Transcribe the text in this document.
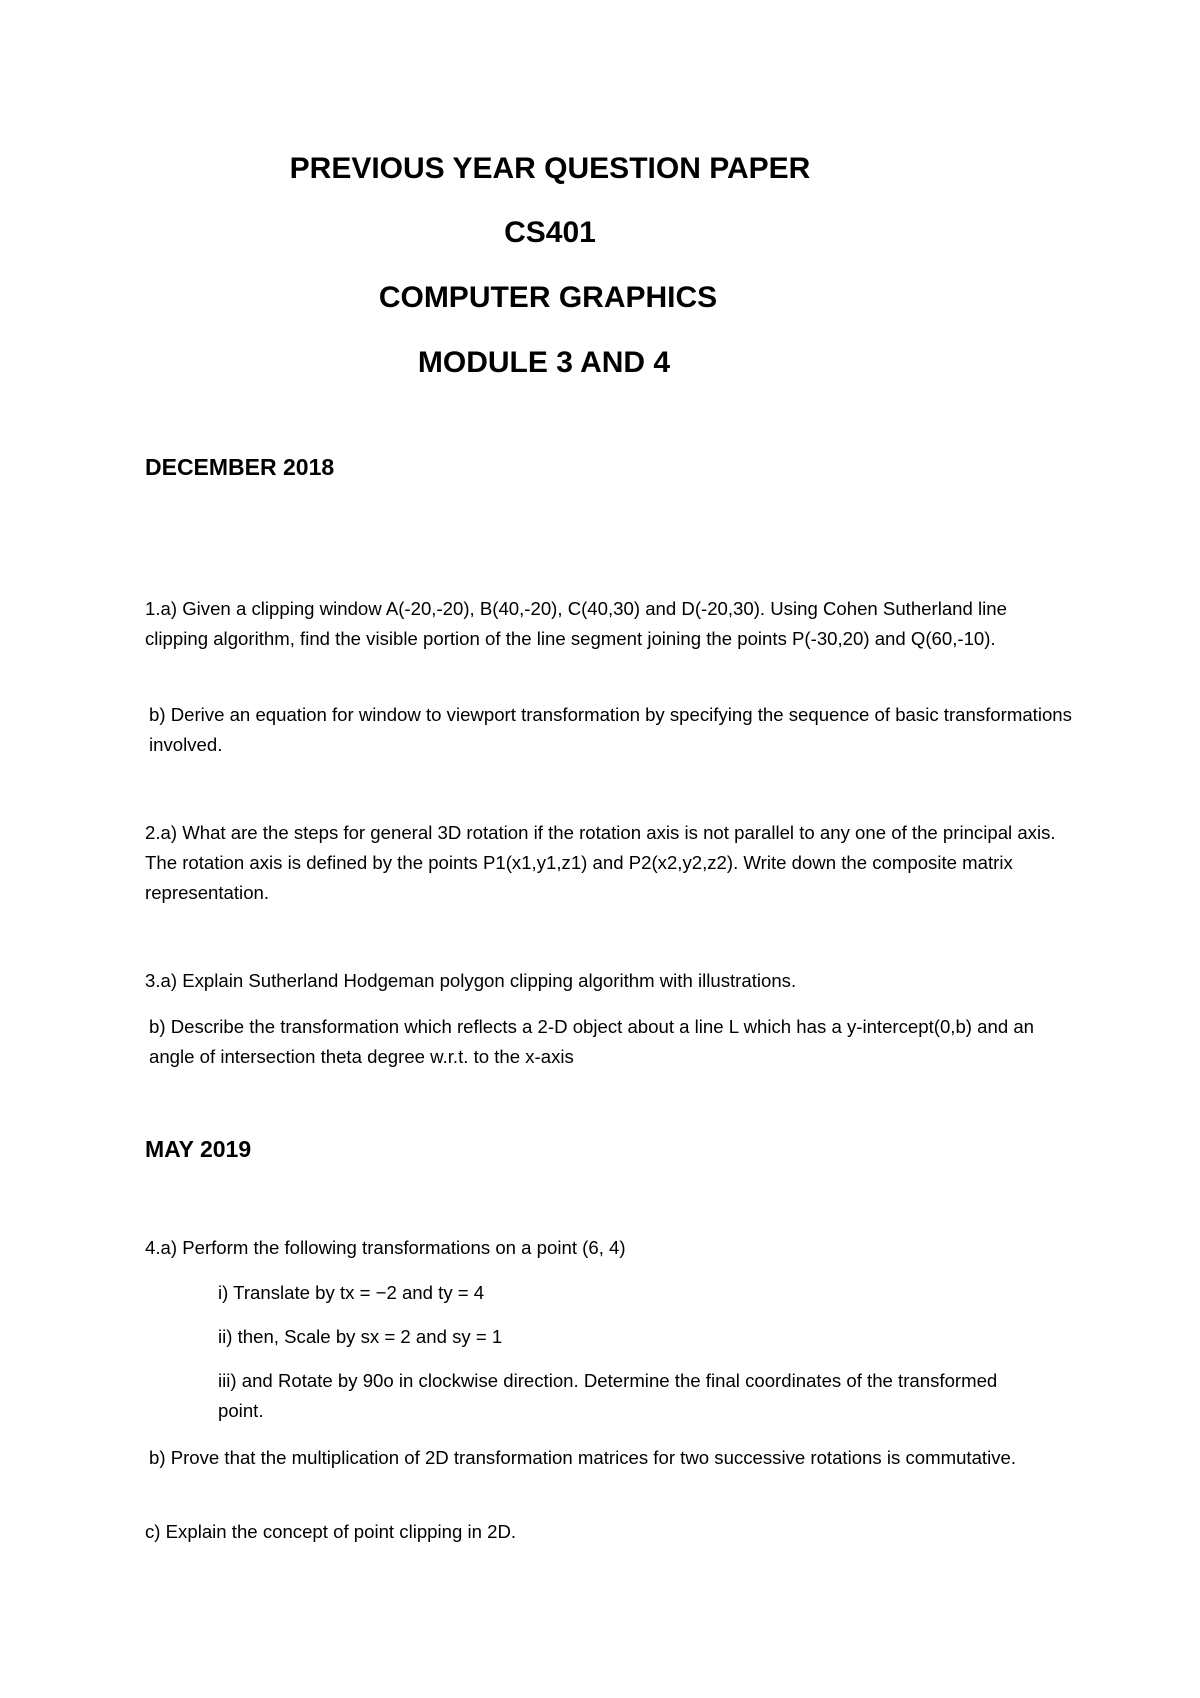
PREVIOUS YEAR QUESTION PAPER
CS401
COMPUTER GRAPHICS
MODULE 3 AND 4
DECEMBER 2018

1.a) Given a clipping window A(-20,-20), B(40,-20), C(40,30) and D(-20,30). Using Cohen Sutherland line clipping algorithm, find the visible portion of the line segment joining the points P(-30,20) and Q(60,-10).

b) Derive an equation for window to viewport transformation by specifying the sequence of basic transformations involved.

2.a) What are the steps for general 3D rotation if the rotation axis is not parallel to any one of the principal axis. The rotation axis is defined by the points P1(x1,y1,z1) and P2(x2,y2,z2). Write down the composite matrix representation.

3.a) Explain Sutherland Hodgeman polygon clipping algorithm with illustrations.

b) Describe the transformation which reflects a 2-D object about a line L which has a y-intercept(0,b) and an angle of intersection theta degree w.r.t. to the x-axis

MAY 2019

4.a) Perform the following transformations on a point (6, 4)

i) Translate by tx = −2 and ty = 4

ii) then, Scale by sx = 2 and sy = 1

iii) and Rotate by 90o in clockwise direction. Determine the final coordinates of the transformed point.

b) Prove that the multiplication of 2D transformation matrices for two successive rotations is commutative.

c) Explain the concept of point clipping in 2D.
